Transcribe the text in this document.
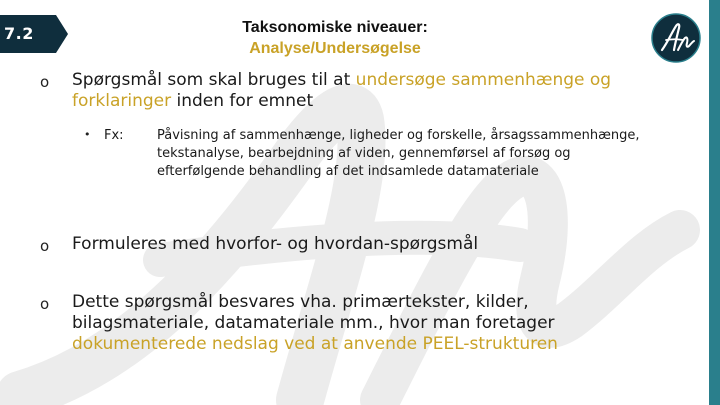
7.2	Taksonomiske niveauer:
Analyse/Undersøgelse
o Spørgsmål som skal bruges til at undersøge sammenhænge og forklaringer inden for emnet
• Fx:	Påvisning af sammenhænge, ligheder og forskelle, årsagssammenhænge, tekstanalyse, bearbejdning af viden, gennemførsel af forsøg og efterfølgende behandling af det indsamlede datamateriale
o Formuleres med hvorfor- og hvordan-spørgsmål
o Dette spørgsmål besvares vha. primærtekster, kilder, bilagsmateriale, datamateriale mm., hvor man foretager dokumenterede nedslag ved at anvende PEEL-strukturen
